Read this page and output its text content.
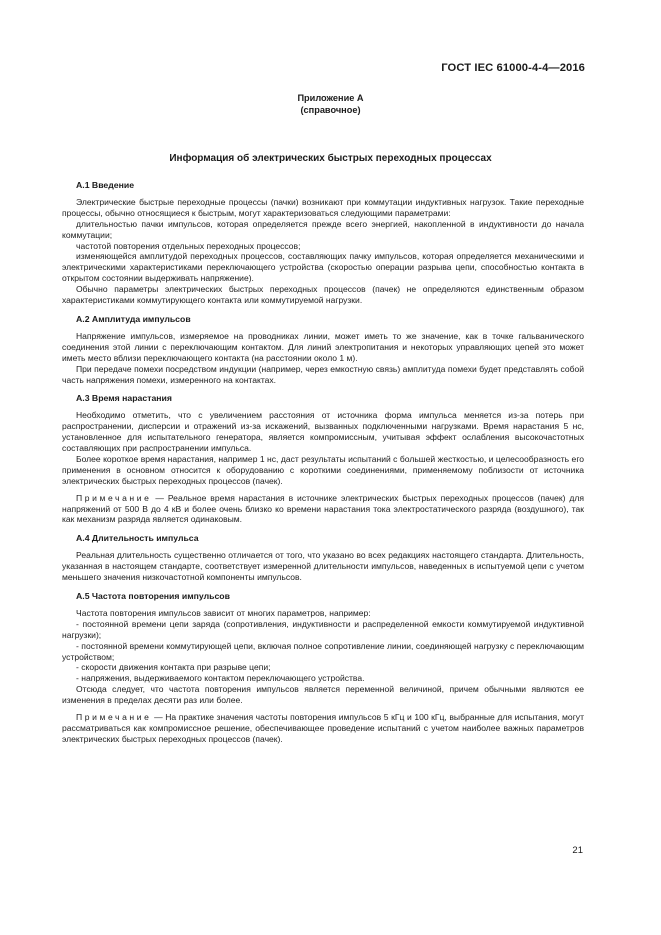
ГОСТ IEC 61000-4-4—2016
Приложение А
(справочное)
Информация об электрических быстрых переходных процессах
А.1 Введение

Электрические быстрые переходные процессы (пачки) возникают при коммутации индуктивных нагрузок. Такие переходные процессы, обычно относящиеся к быстрым, могут характеризоваться следующими параметрами:

длительностью пачки импульсов, которая определяется прежде всего энергией, накопленной в индуктивности до начала коммутации;

частотой повторения отдельных переходных процессов;

изменяющейся амплитудой переходных процессов, составляющих пачку импульсов, которая определяется механическими и электрическими характеристиками переключающего устройства (скоростью операции разрыва цепи, способностью контакта в открытом состоянии выдерживать напряжение).

Обычно параметры электрических быстрых переходных процессов (пачек) не определяются единственным образом характеристиками коммутирующего контакта или коммутируемой нагрузки.

А.2 Амплитуда импульсов

Напряжение импульсов, измеряемое на проводниках линии, может иметь то же значение, как в точке гальванического соединения этой линии с переключающим контактом. Для линий электропитания и некоторых управляющих цепей это может иметь место вблизи переключающего контакта (на расстоянии около 1 м).

При передаче помехи посредством индукции (например, через емкостную связь) амплитуда помехи будет представлять собой часть напряжения помехи, измеренного на контактах.

А.3 Время нарастания

Необходимо отметить, что с увеличением расстояния от источника форма импульса меняется из-за потерь при распространении, дисперсии и отражений из-за искажений, вызванных подключенными нагрузками. Время нарастания 5 нс, установленное для испытательного генератора, является компромиссным, учитывая эффект ослабления высокочастотных составляющих при распространении импульса.

Более короткое время нарастания, например 1 нс, даст результаты испытаний с большей жесткостью, и целесообразность его применения в основном относится к оборудованию с короткими соединениями, применяемому поблизости от источника электрических быстрых переходных процессов (пачек).

Примечание — Реальное время нарастания в источнике электрических быстрых переходных процессов (пачек) для напряжений от 500 В до 4 кВ и более очень близко ко времени нарастания тока электростатического разряда (воздушного), так как механизм разряда является одинаковым.

А.4 Длительность импульса

Реальная длительность существенно отличается от того, что указано во всех редакциях настоящего стандарта. Длительность, указанная в настоящем стандарте, соответствует измеренной длительности импульсов, наведенных в испытуемой цепи с учетом меньшего значения низкочастотной компоненты импульсов.

А.5 Частота повторения импульсов

Частота повторения импульсов зависит от многих параметров, например:

- постоянной времени цепи заряда (сопротивления, индуктивности и распределенной емкости коммутируемой индуктивной нагрузки);

- постоянной времени коммутирующей цепи, включая полное сопротивление линии, соединяющей нагрузку с переключающим устройством;

- скорости движения контакта при разрыве цепи;

- напряжения, выдерживаемого контактом переключающего устройства.

Отсюда следует, что частота повторения импульсов является переменной величиной, причем обычными являются ее изменения в пределах десяти раз или более.

Примечание — На практике значения частоты повторения импульсов 5 кГц и 100 кГц, выбранные для испытания, могут рассматриваться как компромиссное решение, обеспечивающее проведение испытаний с учетом наиболее важных параметров электрических быстрых переходных процессов (пачек).

21
